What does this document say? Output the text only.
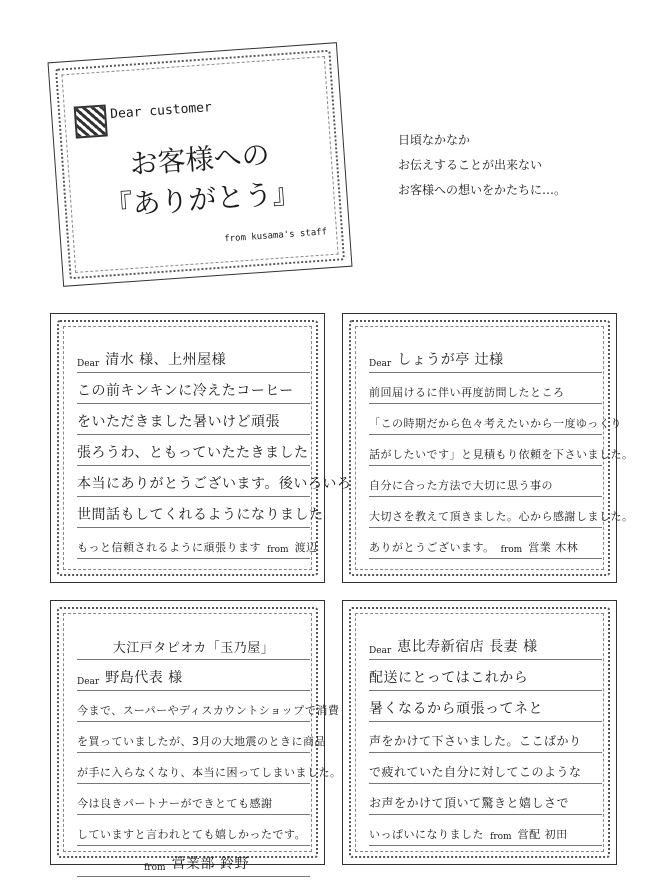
Dear customer
お客様への
『ありがとう』
from kusama's staff
日頃なかなか
お伝えすることが出来ない
お客様への想いをかたちに…。
Dear 清水 様、上州屋様
この前キンキンに冷えたコーヒー
をいただきました暑いけど頑張
張ろうわ、ともっていたたきました
本当にありがとうございます。後いろいろ
世間話もしてくれるようになりました
もっと信頼されるように頑張ります from 渡辺
Dear しょうが亭 辻様
前回届けるに伴い再度訪問したところ
「この時期だから色々考えたいから一度ゆっくり
話がしたいです」と見積もり依頼を下さいました。
自分に合った方法で大切に思う事の
大切さを教えて頂きました。心から感謝しました。
ありがとうございます。 from 営業 木林
大江戸タピオカ「玉乃屋」
Dear 野島代表 様
今まで、スーパーやディスカウントショップで消費
を買っていましたが、3月の大地震のときに商品
が手に入らなくなり、本当に困ってしまいました。
今は良きパートナーができとても感謝
していますと言われとても嬉しかったです。
from 営業部 鈴野
Dear 恵比寿新宿店 長妻 様
配送にとってはこれから
暑くなるから頑張ってネと
声をかけて下さいました。ここばかり
で疲れていた自分に対してこのような
お声をかけて頂いて驚きと嬉しさで
いっぱいになりました from 営配 初田
